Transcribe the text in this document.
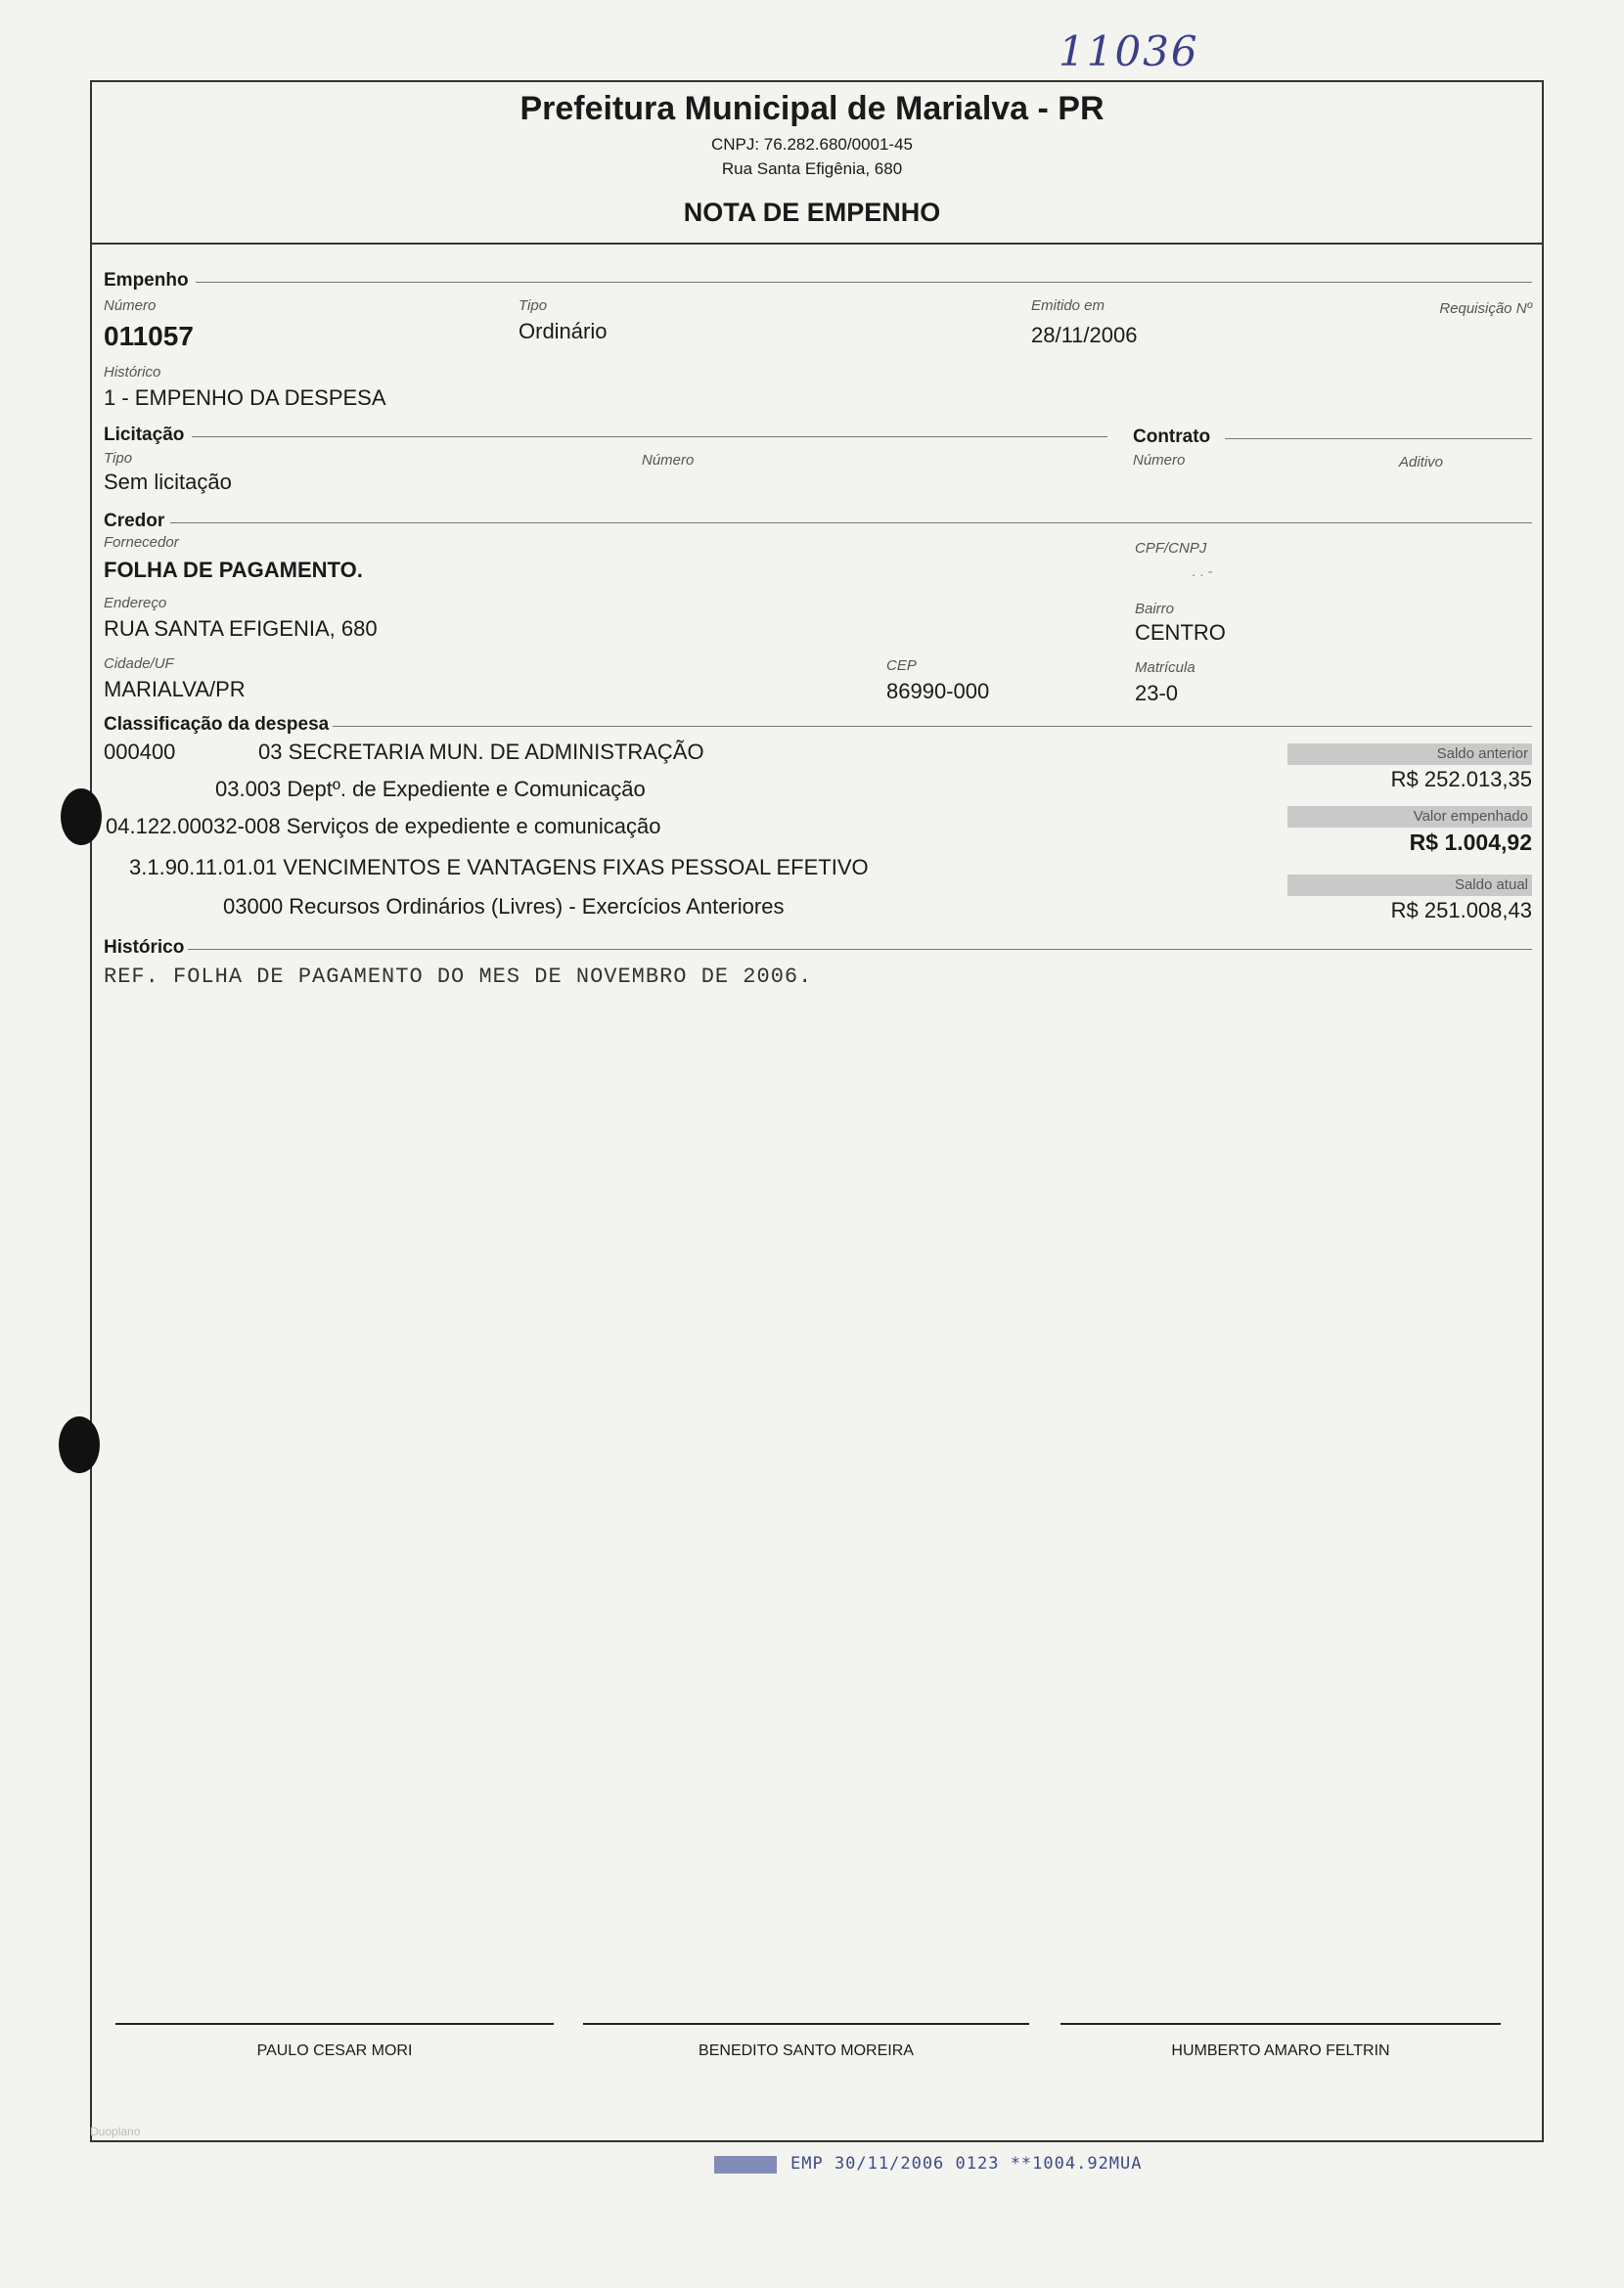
11036
Prefeitura Municipal de Marialva - PR
CNPJ: 76.282.680/0001-45
Rua Santa Efigênia, 680
NOTA DE EMPENHO
Empenho
Número
011057
Tipo
Ordinário
Emitido em
28/11/2006
Requisição Nº
Histórico
1 - EMPENHO DA DESPESA
Licitação	Contrato
Tipo
Sem licitação
Número	Número	Aditivo
Credor
Fornecedor
FOLHA DE PAGAMENTO.
CPF/CNPJ
. . -
Endereço
RUA SANTA EFIGENIA, 680
Bairro
CENTRO
Cidade/UF
MARIALVA/PR
CEP
86990-000
Matrícula
23-0
Classificação da despesa
000400	03 SECRETARIA MUN. DE ADMINISTRAÇÃO
03.003 Deptº. de Expediente e Comunicação
04.122.00032-008 Serviços de expediente e comunicação
3.1.90.11.01.01 VENCIMENTOS E VANTAGENS FIXAS PESSOAL EFETIVO
03000 Recursos Ordinários (Livres) - Exercícios Anteriores
Saldo anterior
R$ 252.013,35
Valor empenhado
R$ 1.004,92
Saldo atual
R$ 251.008,43
Histórico
REF. FOLHA DE PAGAMENTO DO MES DE NOVEMBRO DE 2006.
PAULO CESAR MORI	BENEDITO SANTO MOREIRA	HUMBERTO AMARO FELTRIN
Duoplano
EMP 30/11/2006 0123 **1004.92MUA
